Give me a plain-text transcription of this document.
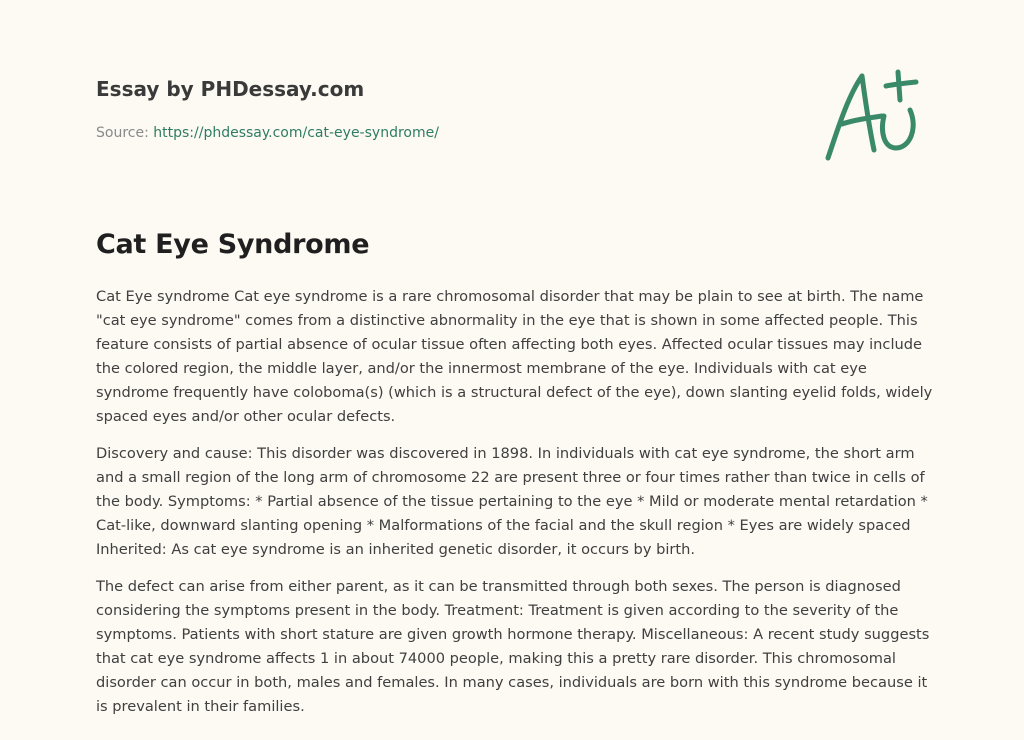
Essay by PHDessay.com
Source: https://phdessay.com/cat-eye-syndrome/
Cat Eye Syndrome

Cat Eye syndrome Cat eye syndrome is a rare chromosomal disorder that may be plain to see at birth. The name "cat eye syndrome" comes from a distinctive abnormality in the eye that is shown in some affected people. This feature consists of partial absence of ocular tissue often affecting both eyes. Affected ocular tissues may include the colored region, the middle layer, and/or the innermost membrane of the eye. Individuals with cat eye syndrome frequently have coloboma(s) (which is a structural defect of the eye), down slanting eyelid folds, widely spaced eyes and/or other ocular defects.

Discovery and cause: This disorder was discovered in 1898. In individuals with cat eye syndrome, the short arm and a small region of the long arm of chromosome 22 are present three or four times rather than twice in cells of the body. Symptoms: * Partial absence of the tissue pertaining to the eye * Mild or moderate mental retardation * Cat-like, downward slanting opening * Malformations of the facial and the skull region * Eyes are widely spaced Inherited: As cat eye syndrome is an inherited genetic disorder, it occurs by birth.

The defect can arise from either parent, as it can be transmitted through both sexes. The person is diagnosed considering the symptoms present in the body. Treatment: Treatment is given according to the severity of the symptoms. Patients with short stature are given growth hormone therapy. Miscellaneous: A recent study suggests that cat eye syndrome affects 1 in about 74000 people, making this a pretty rare disorder. This chromosomal disorder can occur in both, males and females. In many cases, individuals are born with this syndrome because it is prevalent in their families.
